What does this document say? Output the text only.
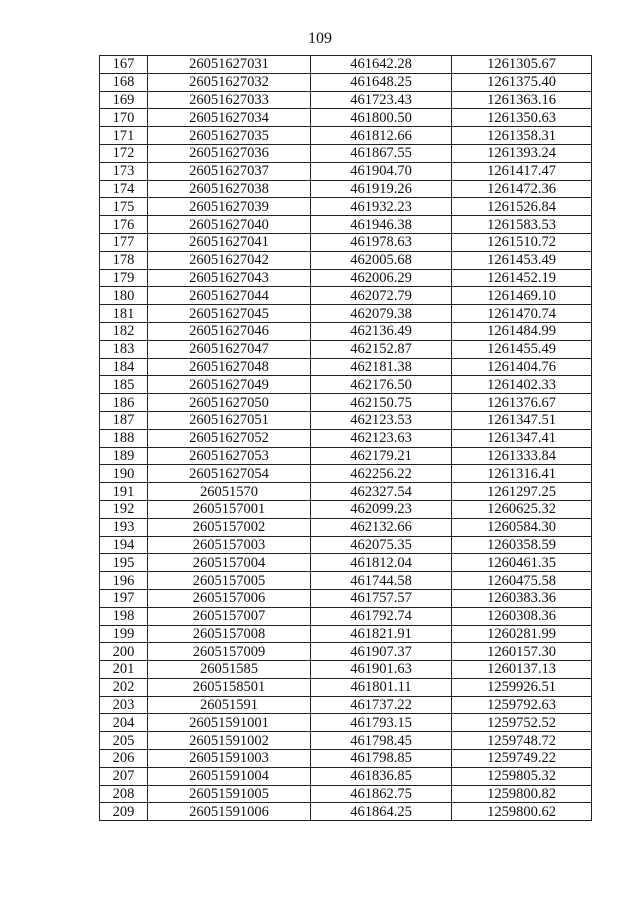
109
167	26051627031	461642.28	1261305.67
168	26051627032	461648.25	1261375.40
169	26051627033	461723.43	1261363.16
170	26051627034	461800.50	1261350.63
171	26051627035	461812.66	1261358.31
172	26051627036	461867.55	1261393.24
173	26051627037	461904.70	1261417.47
174	26051627038	461919.26	1261472.36
175	26051627039	461932.23	1261526.84
176	26051627040	461946.38	1261583.53
177	26051627041	461978.63	1261510.72
178	26051627042	462005.68	1261453.49
179	26051627043	462006.29	1261452.19
180	26051627044	462072.79	1261469.10
181	26051627045	462079.38	1261470.74
182	26051627046	462136.49	1261484.99
183	26051627047	462152.87	1261455.49
184	26051627048	462181.38	1261404.76
185	26051627049	462176.50	1261402.33
186	26051627050	462150.75	1261376.67
187	26051627051	462123.53	1261347.51
188	26051627052	462123.63	1261347.41
189	26051627053	462179.21	1261333.84
190	26051627054	462256.22	1261316.41
191	26051570	462327.54	1261297.25
192	2605157001	462099.23	1260625.32
193	2605157002	462132.66	1260584.30
194	2605157003	462075.35	1260358.59
195	2605157004	461812.04	1260461.35
196	2605157005	461744.58	1260475.58
197	2605157006	461757.57	1260383.36
198	2605157007	461792.74	1260308.36
199	2605157008	461821.91	1260281.99
200	2605157009	461907.37	1260157.30
201	26051585	461901.63	1260137.13
202	2605158501	461801.11	1259926.51
203	26051591	461737.22	1259792.63
204	26051591001	461793.15	1259752.52
205	26051591002	461798.45	1259748.72
206	26051591003	461798.85	1259749.22
207	26051591004	461836.85	1259805.32
208	26051591005	461862.75	1259800.82
209	26051591006	461864.25	1259800.62
